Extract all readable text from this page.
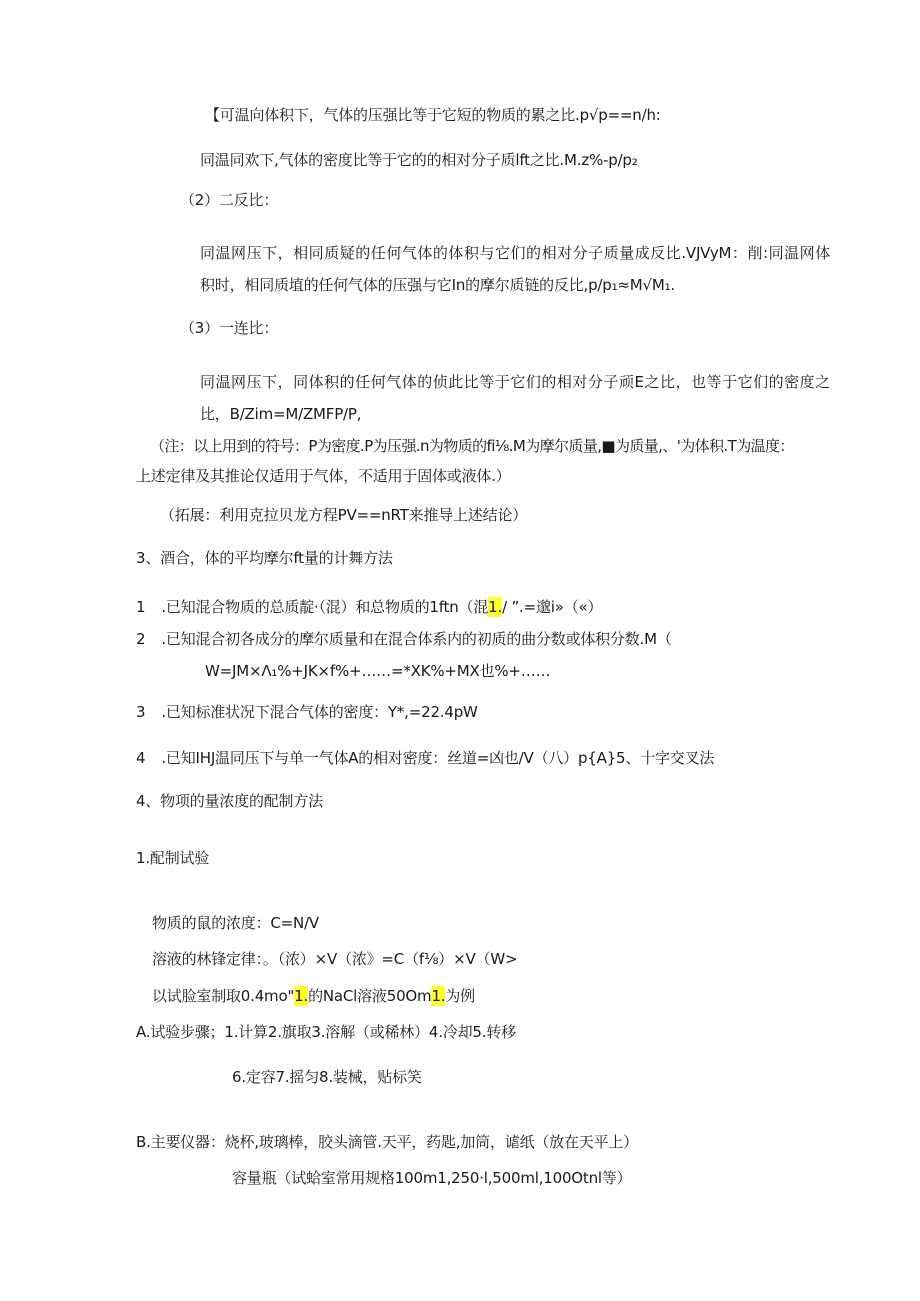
【可温向体积下，气体的压强比等于它短的物质的累之比.p√p==n/h:
同温同欢下,气体的密度比等于它的的相对分子质lft之比.M.z%-p/p₂
（2）二反比：
同温网压下，相同质疑的任何气体的体积与它们的相对分子质量成反比.VJVyM：削:同温网体
积时，相同质埴的任何气体的压强与它In的摩尔质链的反比,p/p₁≈M√M₁.
（3）一连比：
同温网压下，同体积的任何气体的侦此比等于它们的相对分子顽E之比，也等于它们的密度之
比，B/Zim=M/ZMFP/P,
（注：以上用到的符号：P为密度.P为压强.n为物质的fi⅛.M为摩尔质量,■为质量,、'为体积.T为温度：
上述定律及其推论仅适用于气体，不适用于固体或液体.）
（拓展：利用克拉贝龙方程PV==nRT来推导上述结论）
3、酒合，体的平均摩尔ft量的计舞方法
1 .已知混合物质的总质靛·（混）和总物质的1ftn（混1./ ”.=邈i»（«）
2 .已知混合初各成分的摩尔质量和在混合体系内的初质的曲分数或体积分数.M（
W=JM×Λ₁%+JK×f%+……=*XK%+MX也%+……
3 .已知标准状况下混合气体的密度：Y*,=22.4pW
4 .已知IHJ温同压下与单一气体A的相对密度：丝道=凶也/V（八）p{A}5、十字交叉法
4、物项的量浓度的配制方法
1.配制试验
物质的鼠的浓度：C=N/V
溶液的林锋定律：。（浓）×V（浓》=C（f⅛）×V（W>
以试脸室制取0.4mo"1.的NaCl溶液50Om1.为例
A.试验步骤；1.计算2.旗取3.溶解（或稀林）4.冷却5.转移
6.定容7.摇匀8.装械，贴标笑
B.主要仪器：烧杯,玻璃棒，胶头滴管.天平，药匙,加筒，谑纸（放在天平上）
容量瓶（试蛤室常用规格100m1,250·l,500ml,100Otnl等）
